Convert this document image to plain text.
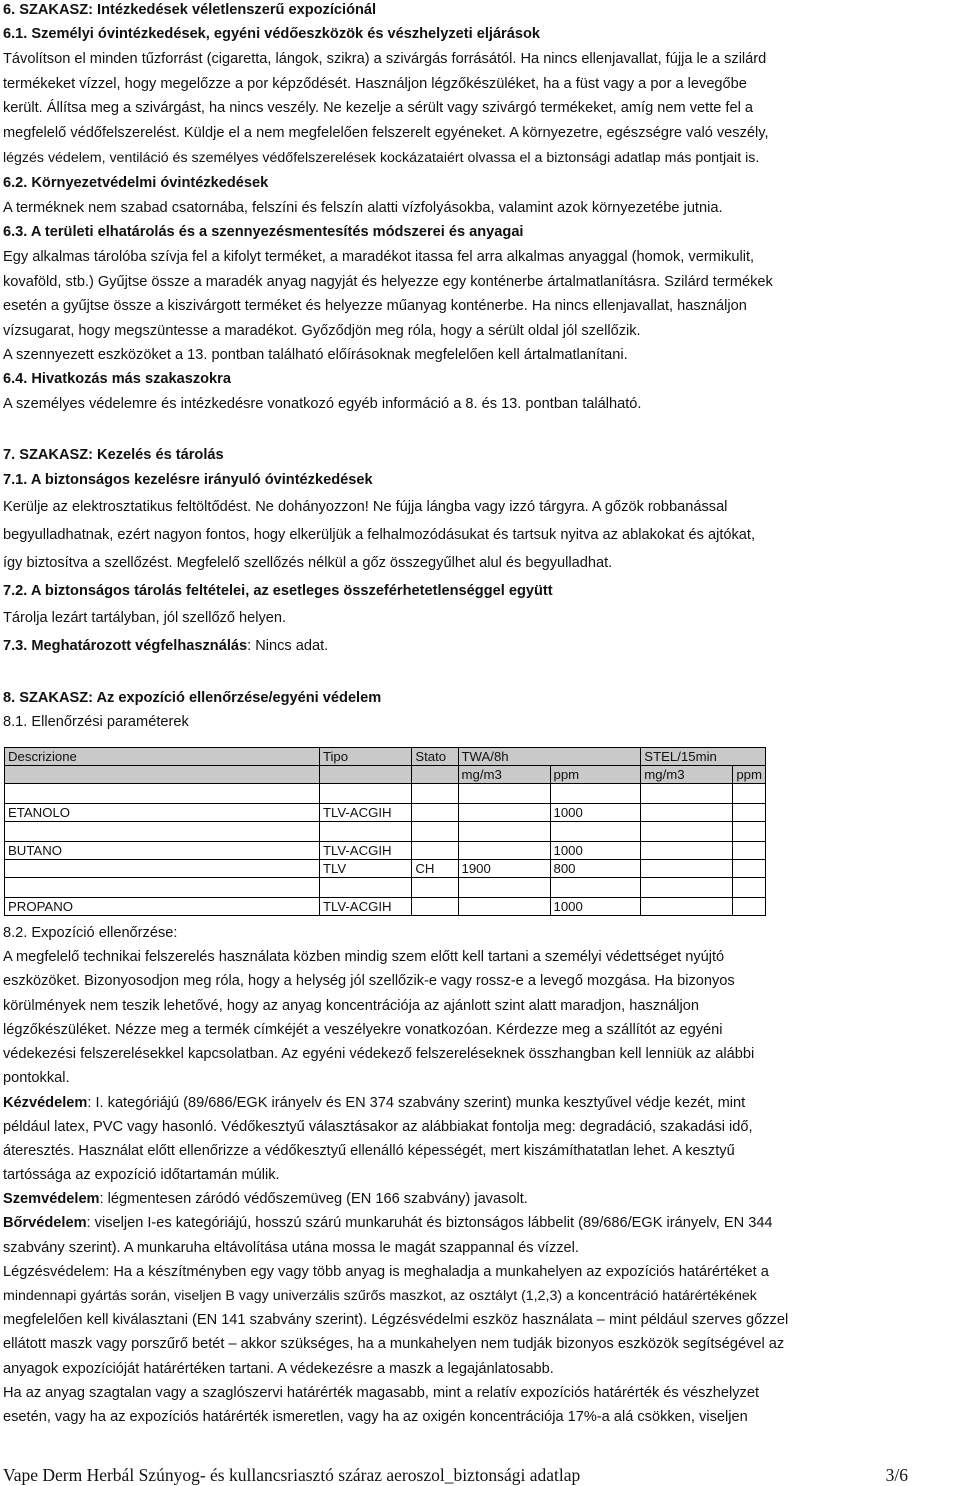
6. SZAKASZ: Intézkedések véletlenszerű expozíciónál
6.1. Személyi óvintézkedések, egyéni védőeszközök és vészhelyzeti eljárások
Távolítson el minden tűzforrást (cigaretta, lángok, szikra) a szivárgás forrásától. Ha nincs ellenjavallat, fújja le a szilárd
termékeket vízzel, hogy megelőzze a por képződését. Használjon légzőkészüléket, ha a füst vagy a por a levegőbe
került. Állítsa meg a szivárgást, ha nincs veszély. Ne kezelje a sérült vagy szivárgó termékeket, amíg nem vette fel a
megfelelő védőfelszerelést. Küldje el a nem megfelelően felszerelt egyéneket. A környezetre, egészségre való veszély,
légzés védelem, ventiláció és személyes védőfelszerelések kockázataiért olvassa el a biztonsági adatlap más pontjait is.
6.2. Környezetvédelmi óvintézkedések
A terméknek nem szabad csatornába, felszíni és felszín alatti vízfolyásokba, valamint azok környezetébe jutnia.
6.3. A területi elhatárolás és a szennyezésmentesítés módszerei és anyagai
Egy alkalmas tárolóba szívja fel a kifolyt terméket, a maradékot itassa fel arra alkalmas anyaggal (homok, vermikulit,
kovaföld, stb.) Gyűjtse össze a maradék anyag nagyját és helyezze egy konténerbe ártalmatlanításra. Szilárd termékek
esetén a gyűjtse össze a kiszivárgott terméket és helyezze műanyag konténerbe. Ha nincs ellenjavallat, használjon
vízsugarat, hogy megszüntesse a maradékot. Győződjön meg róla, hogy a sérült oldal jól szellőzik.
A szennyezett eszközöket a 13. pontban található előírásoknak megfelelően kell ártalmatlanítani.
6.4. Hivatkozás más szakaszokra
A személyes védelemre és intézkedésre vonatkozó egyéb információ a 8. és 13. pontban található.
7. SZAKASZ: Kezelés és tárolás
7.1. A biztonságos kezelésre irányuló óvintézkedések
Kerülje az elektrosztatikus feltöltődést. Ne dohányozzon! Ne fújja lángba vagy izzó tárgyra. A gőzök robbanással
begyulladhatnak, ezért nagyon fontos, hogy elkerüljük a felhalmozódásukat és tartsuk nyitva az ablakokat és ajtókat,
így biztosítva a szellőzést. Megfelelő szellőzés nélkül a gőz összegyűlhet alul és begyulladhat.
7.2. A biztonságos tárolás feltételei, az esetleges összeférhetetlenséggel együtt
Tárolja lezárt tartályban, jól szellőző helyen.
7.3. Meghatározott végfelhasználás: Nincs adat.
8. SZAKASZ: Az expozíció ellenőrzése/egyéni védelem
8.1. Ellenőrzési paraméterek
Descrizione	Tipo	Stato	TWA/8h		STEL/15min	
			mg/m3	ppm	mg/m3	ppm

ETANOLO	TLV-ACGIH			1000		

BUTANO	TLV-ACGIH			1000		
	TLV	CH	1900	800		

PROPANO	TLV-ACGIH			1000		
8.2. Expozíció ellenőrzése:
A megfelelő technikai felszerelés használata közben mindig szem előtt kell tartani a személyi védettséget nyújtó
eszközöket. Bizonyosodjon meg róla, hogy a helység jól szellőzik-e vagy rossz-e a levegő mozgása. Ha bizonyos
körülmények nem teszik lehetővé, hogy az anyag koncentrációja az ajánlott szint alatt maradjon, használjon
légzőkészüléket. Nézze meg a termék címkéjét a veszélyekre vonatkozóan. Kérdezze meg a szállítót az egyéni
védekezési felszerelésekkel kapcsolatban. Az egyéni védekező felszereléseknek összhangban kell lenniük az alábbi
pontokkal.
Kézvédelem: I. kategóriájú (89/686/EGK irányelv és EN 374 szabvány szerint) munka kesztyűvel védje kezét, mint
például latex, PVC vagy hasonló. Védőkesztyű választásakor az alábbiakat fontolja meg: degradáció, szakadási idő,
áteresztés. Használat előtt ellenőrizze a védőkesztyű ellenálló képességét, mert kiszámíthatatlan lehet. A kesztyű
tartóssága az expozíció időtartamán múlik.
Szemvédelem: légmentesen záródó védőszemüveg (EN 166 szabvány) javasolt.
Bőrvédelem: viseljen I-es kategóriájú, hosszú szárú munkaruhát és biztonságos lábbelit (89/686/EGK irányelv, EN 344
szabvány szerint). A munkaruha eltávolítása utána mossa le magát szappannal és vízzel.
Légzésvédelem: Ha a készítményben egy vagy több anyag is meghaladja a munkahelyen az expozíciós határértéket a
mindennapi gyártás során, viseljen B vagy univerzális szűrős maszkot, az osztályt (1,2,3) a koncentráció határértékének
megfelelően kell kiválasztani (EN 141 szabvány szerint). Légzésvédelmi eszköz használata – mint például szerves gőzzel
ellátott maszk vagy porszűrő betét – akkor szükséges, ha a munkahelyen nem tudják bizonyos eszközök segítségével az
anyagok expozícióját határértéken tartani. A védekezésre a maszk a legajánlatosabb.
Ha az anyag szagtalan vagy a szaglószervi határérték magasabb, mint a relatív expozíciós határérték és vészhelyzet
esetén, vagy ha az expozíciós határérték ismeretlen, vagy ha az oxigén koncentrációja 17%-a alá csökken, viseljen
Vape Derm Herbál Szúnyog- és kullancsriasztó száraz aeroszol_biztonsági adatlap	3/6
